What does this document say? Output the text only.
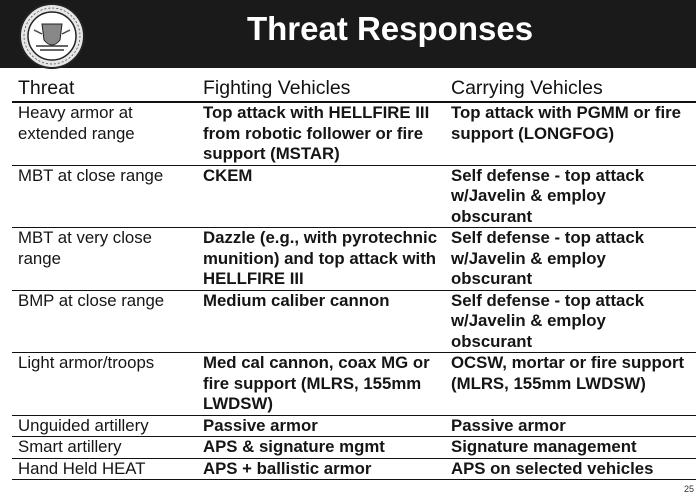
Threat Responses
Threat	Fighting Vehicles	Carrying Vehicles
Heavy armor at extended range	Top attack with HELLFIRE III from robotic follower or fire support (MSTAR)	Top attack with PGMM or fire support (LONGFOG)
MBT at close range	CKEM	Self defense - top attack w/Javelin & employ obscurant
MBT at very close range	Dazzle (e.g., with pyrotechnic munition) and top attack with HELLFIRE III	Self defense - top attack w/Javelin & employ obscurant
BMP at close range	Medium caliber cannon	Self defense - top attack w/Javelin & employ obscurant
Light armor/troops	Med cal cannon, coax MG or fire support (MLRS, 155mm LWDSW)	OCSW, mortar or fire support (MLRS, 155mm LWDSW)
Unguided artillery	Passive armor	Passive armor
Smart artillery	APS & signature mgmt	Signature management
Hand Held HEAT	APS + ballistic armor	APS on selected vehicles
25
